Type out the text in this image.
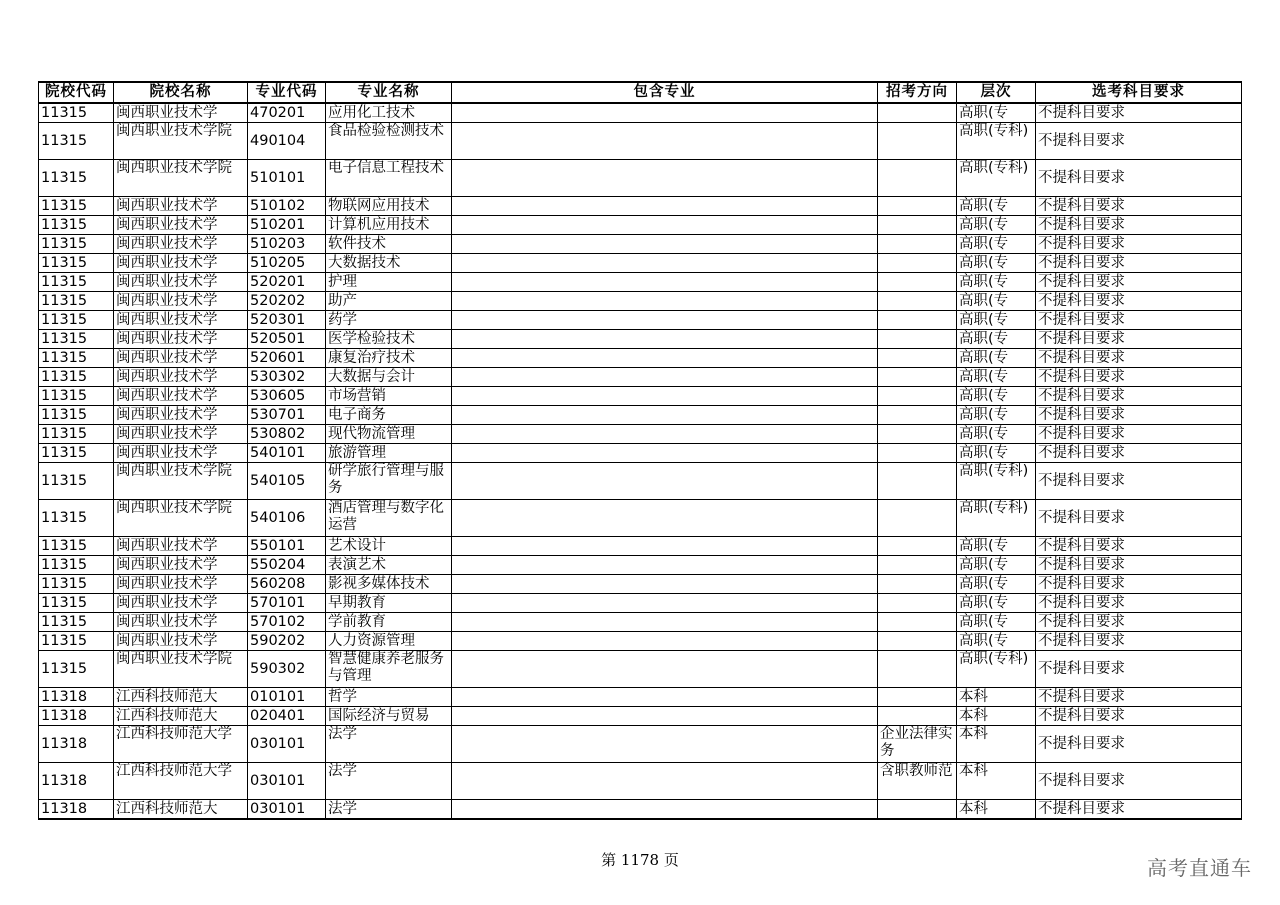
院校代码	院校名称	专业代码	专业名称	包含专业	招考方向	层次	选考科目要求
11315	闽西职业技术学	470201	应用化工技术			高职(专	不提科目要求
11315	闽西职业技术学院	490104	食品检验检测技术			高职(专科)	不提科目要求
11315	闽西职业技术学院	510101	电子信息工程技术			高职(专科)	不提科目要求
11315	闽西职业技术学	510102	物联网应用技术			高职(专	不提科目要求
11315	闽西职业技术学	510201	计算机应用技术			高职(专	不提科目要求
11315	闽西职业技术学	510203	软件技术			高职(专	不提科目要求
11315	闽西职业技术学	510205	大数据技术			高职(专	不提科目要求
11315	闽西职业技术学	520201	护理			高职(专	不提科目要求
11315	闽西职业技术学	520202	助产			高职(专	不提科目要求
11315	闽西职业技术学	520301	药学			高职(专	不提科目要求
11315	闽西职业技术学	520501	医学检验技术			高职(专	不提科目要求
11315	闽西职业技术学	520601	康复治疗技术			高职(专	不提科目要求
11315	闽西职业技术学	530302	大数据与会计			高职(专	不提科目要求
11315	闽西职业技术学	530605	市场营销			高职(专	不提科目要求
11315	闽西职业技术学	530701	电子商务			高职(专	不提科目要求
11315	闽西职业技术学	530802	现代物流管理			高职(专	不提科目要求
11315	闽西职业技术学	540101	旅游管理			高职(专	不提科目要求
11315	闽西职业技术学院	540105	研学旅行管理与服务			高职(专科)	不提科目要求
11315	闽西职业技术学院	540106	酒店管理与数字化运营			高职(专科)	不提科目要求
11315	闽西职业技术学	550101	艺术设计			高职(专	不提科目要求
11315	闽西职业技术学	550204	表演艺术			高职(专	不提科目要求
11315	闽西职业技术学	560208	影视多媒体技术			高职(专	不提科目要求
11315	闽西职业技术学	570101	早期教育			高职(专	不提科目要求
11315	闽西职业技术学	570102	学前教育			高职(专	不提科目要求
11315	闽西职业技术学	590202	人力资源管理			高职(专	不提科目要求
11315	闽西职业技术学院	590302	智慧健康养老服务与管理			高职(专科)	不提科目要求
11318	江西科技师范大	010101	哲学			本科	不提科目要求
11318	江西科技师范大	020401	国际经济与贸易			本科	不提科目要求
11318	江西科技师范大学	030101	法学		企业法律实务	本科	不提科目要求
11318	江西科技师范大学	030101	法学		含职教师范	本科	不提科目要求
11318	江西科技师范大	030101	法学			本科	不提科目要求
第 1178 页	高考直通车
